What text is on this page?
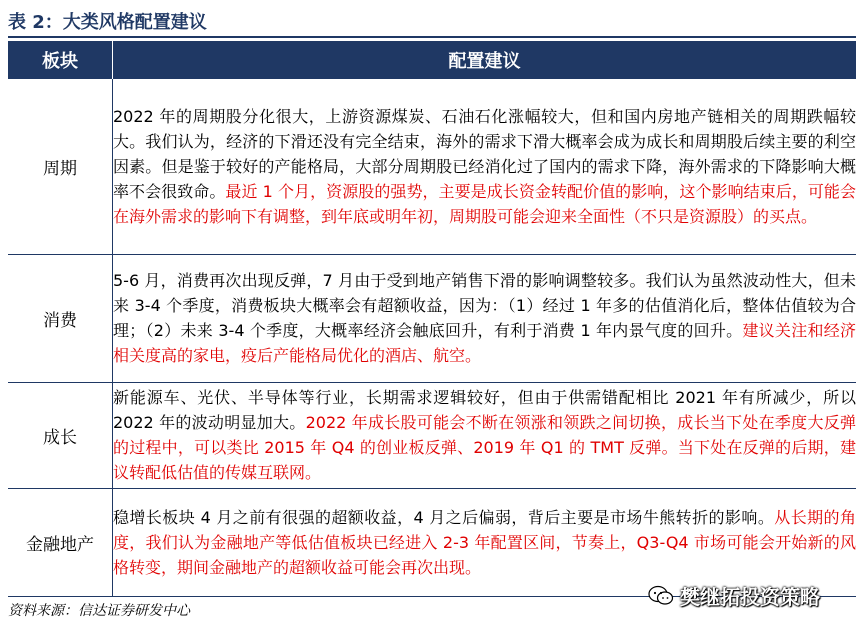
表 2：大类风格配置建议
板块	配置建议
周期	2022 年的周期股分化很大，上游资源煤炭、石油石化涨幅较大，但和国内房地产链相关的周期跌幅较大。我们认为，经济的下滑还没有完全结束，海外的需求下滑大概率会成为成长和周期股后续主要的利空因素。但是鉴于较好的产能格局，大部分周期股已经消化过了国内的需求下降，海外需求的下降影响大概率不会很致命。最近 1 个月，资源股的强势，主要是成长资金转配价值的影响，这个影响结束后，可能会在海外需求的影响下有调整，到年底或明年初，周期股可能会迎来全面性（不只是资源股）的买点。
消费	5-6 月，消费再次出现反弹，7 月由于受到地产销售下滑的影响调整较多。我们认为虽然波动性大，但未来 3-4 个季度，消费板块大概率会有超额收益，因为：（1）经过 1 年多的估值消化后，整体估值较为合理；（2）未来 3-4 个季度，大概率经济会触底回升，有利于消费 1 年内景气度的回升。建议关注和经济相关度高的家电，疫后产能格局优化的酒店、航空。
成长	新能源车、光伏、半导体等行业，长期需求逻辑较好，但由于供需错配相比 2021 年有所减少，所以 2022 年的波动明显加大。2022 年成长股可能会不断在领涨和领跌之间切换，成长当下处在季度大反弹的过程中，可以类比 2015 年 Q4 的创业板反弹、2019 年 Q1 的 TMT 反弹。当下处在反弹的后期，建议转配低估值的传媒互联网。
金融地产	稳增长板块 4 月之前有很强的超额收益，4 月之后偏弱，背后主要是市场牛熊转折的影响。从长期的角度，我们认为金融地产等低估值板块已经进入 2-3 年配置区间，节奏上，Q3-Q4 市场可能会开始新的风格转变，期间金融地产的超额收益可能会再次出现。
资料来源：信达证券研发中心
樊继拓投资策略
